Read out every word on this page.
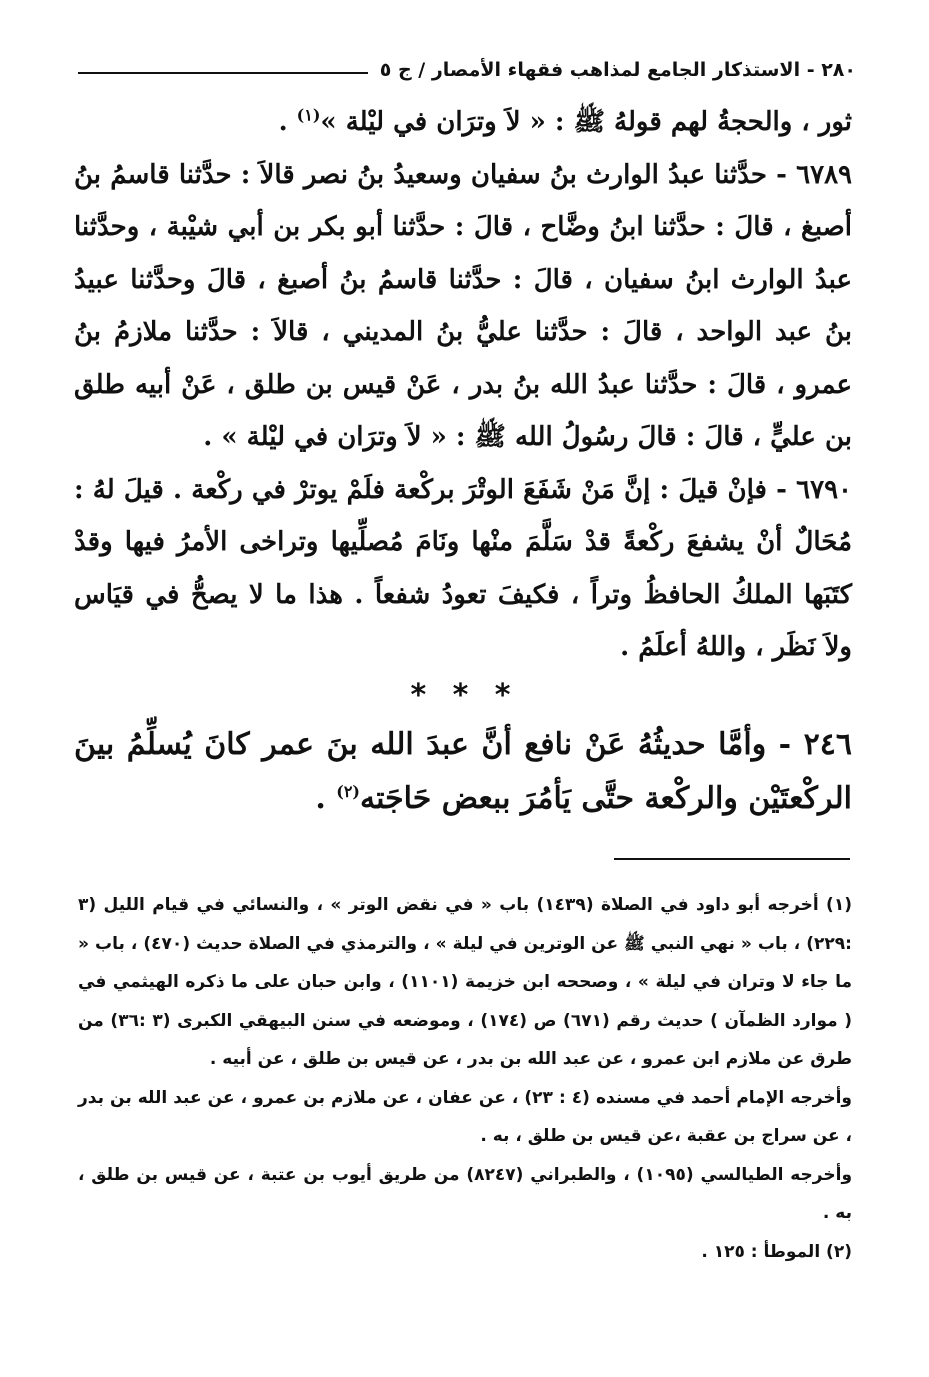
٢٨٠ - الاستذكار الجامع لمذاهب فقهاء الأمصار / ج ٥

ثور ، والحجةُ لهم قولهُ ﷺ : « لاَ وترَان في ليْلة »$^{(١)}$ .

٦٧٨٩ - حدَّثنا عبدُ الوارث بنُ سفيان وسعيدُ بنُ نصر قالاَ : حدَّثنا قاسمُ بنُ أصبغ ، قالَ : حدَّثنا ابنُ وضَّاح ، قالَ : حدَّثنا أبو بكر بن أبي شيْبة ، وحدَّثنا عبدُ الوارث ابنُ سفيان ، قالَ : حدَّثنا قاسمُ بنُ أصبغ ، قالَ وحدَّثنا عبيدُ بنُ عبد الواحد ، قالَ : حدَّثنا عليُّ بنُ المديني ، قالاَ : حدَّثنا ملازمُ بنُ عمرو ، قالَ : حدَّثنا عبدُ الله بنُ بدر ، عَنْ قيس بن طلق ، عَنْ أبيه طلق بن عليٍّ ، قالَ : قالَ رسُولُ الله ﷺ : « لاَ وترَان في ليْلة » .

٦٧٩٠ - فإنْ قيلَ : إنَّ مَنْ شَفَعَ الوتْرَ بركْعة فلَمْ يوترْ في ركْعة . قيلَ لهُ : مُحَالٌ أنْ يشفعَ ركْعةً قدْ سَلَّمَ منْها ونَامَ مُصلِّيها وتراخى الأمرُ فيها وقدْ كتَبَها الملكُ الحافظُ وتراً ، فكيفَ تعودُ شفعاً . هذا ما لا يصحُّ في قيَاس ولاَ نَظَر ، واللهُ أعلَمُ .

* * *

٢٤٦ - وأمَّا حديثُهُ عَنْ نافع أنَّ عبدَ الله بنَ عمر كانَ يُسلِّمُ بينَ الركْعتَيْن والركْعة حتَّى يَأمُرَ ببعض حَاجَته$^{(٢)}$ .

(١) أخرجه أبو داود في الصلاة (١٤٣٩) باب « في نقض الوتر » ، والنسائي في قيام الليل (٣ :٢٢٩) ، باب « نهي النبي ﷺ عن الوترين في ليلة » ، والترمذي في الصلاة حديث (٤٧٠) ، باب « ما جاء لا وتران في ليلة » ، وصححه ابن خزيمة (١١٠١) ، وابن حبان على ما ذكره الهيثمي في ( موارد الظمآن ) حديث رقم (٦٧١) ص (١٧٤) ، وموضعه في سنن البيهقي الكبرى (٣ :٣٦) من طرق عن ملازم ابن عمرو ، عن عبد الله بن بدر ، عن قيس بن طلق ، عن أبيه .

وأخرجه الإمام أحمد في مسنده (٤ : ٢٣) ، عن عفان ، عن ملازم بن عمرو ، عن عبد الله بن بدر ، عن سراج بن عقبة ،عن قيس بن طلق ، به .

وأخرجه الطيالسي (١٠٩٥) ، والطبراني (٨٢٤٧) من طريق أيوب بن عتبة ، عن قيس بن طلق ، به .

(٢) الموطأ : ١٢٥ .
